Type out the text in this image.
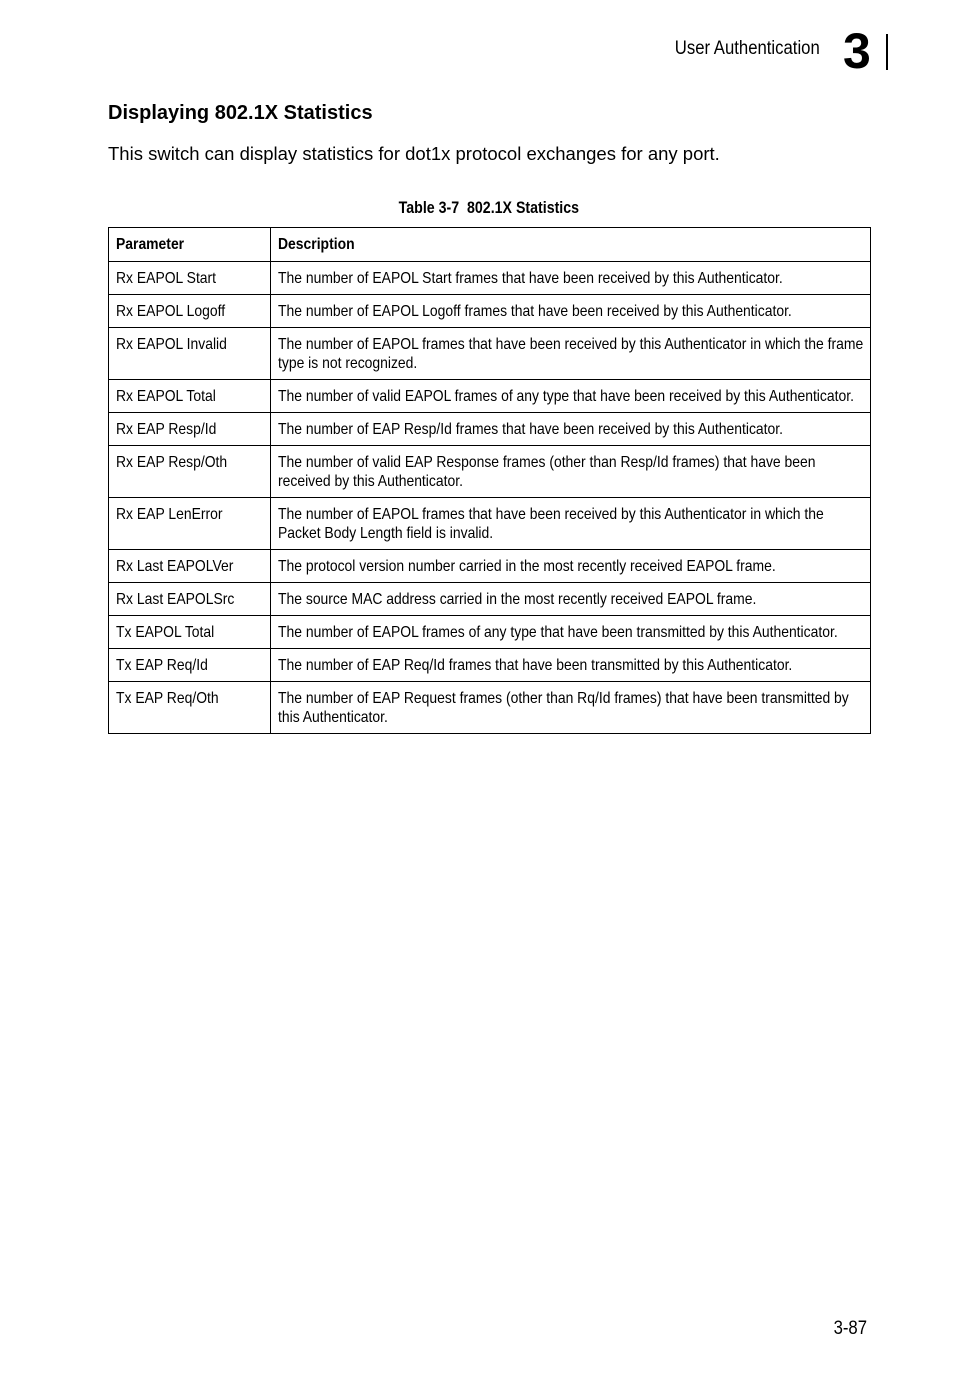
User Authentication 3
Displaying 802.1X Statistics

This switch can display statistics for dot1x protocol exchanges for any port.

Table 3-7  802.1X Statistics
Parameter	Description

Rx EAPOL Start	The number of EAPOL Start frames that have been received by this Authenticator.

Rx EAPOL Logoff	The number of EAPOL Logoff frames that have been received by this Authenticator.

Rx EAPOL Invalid	The number of EAPOL frames that have been received by this Authenticator in which the frame type is not recognized.

Rx EAPOL Total	The number of valid EAPOL frames of any type that have been received by this Authenticator.

Rx EAP Resp/Id	The number of EAP Resp/Id frames that have been received by this Authenticator.

Rx EAP Resp/Oth	The number of valid EAP Response frames (other than Resp/Id frames) that have been received by this Authenticator.

Rx EAP LenError	The number of EAPOL frames that have been received by this Authenticator in which the Packet Body Length field is invalid.

Rx Last EAPOLVer	The protocol version number carried in the most recently received EAPOL frame.

Rx Last EAPOLSrc	The source MAC address carried in the most recently received EAPOL frame.

Tx EAPOL Total	The number of EAPOL frames of any type that have been transmitted by this Authenticator.

Tx EAP Req/Id	The number of EAP Req/Id frames that have been transmitted by this Authenticator.

Tx EAP Req/Oth	The number of EAP Request frames (other than Rq/Id frames) that have been transmitted by this Authenticator.
3-87
